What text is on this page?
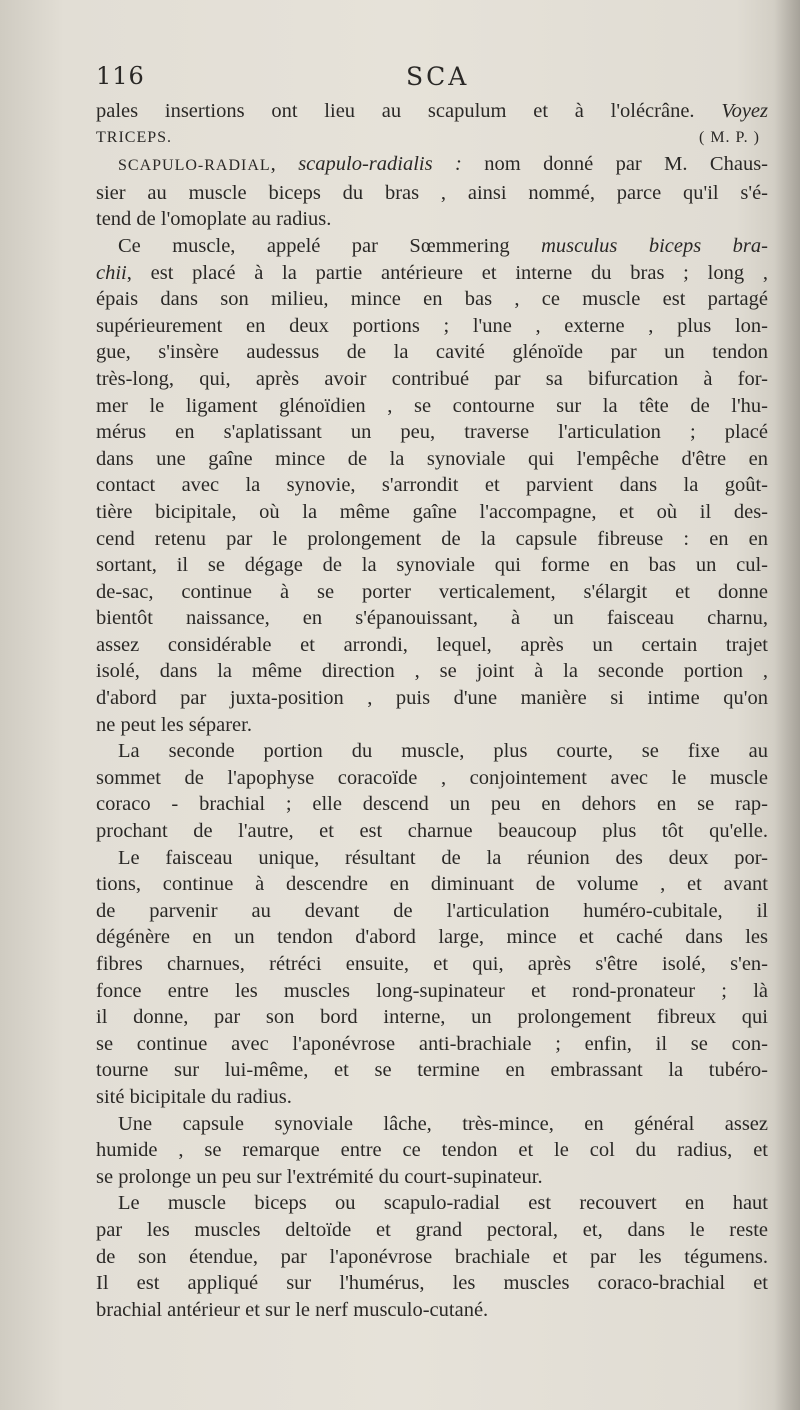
116	SCA
pales insertions ont lieu au scapulum et à l'olécrâne. Voyez
TRICEPS.	( M. P. )
SCAPULO-RADIAL, scapulo-radialis : nom donné par M. Chaus-
sier au muscle biceps du bras , ainsi nommé, parce qu'il s'é-
tend de l'omoplate au radius.
Ce muscle, appelé par Sœmmering musculus biceps bra-
chii, est placé à la partie antérieure et interne du bras ; long ,
épais dans son milieu, mince en bas , ce muscle est partagé
supérieurement en deux portions ; l'une , externe , plus lon-
gue, s'insère audessus de la cavité glénoïde par un tendon
très-long, qui, après avoir contribué par sa bifurcation à for-
mer le ligament glénoïdien , se contourne sur la tête de l'hu-
mérus en s'aplatissant un peu, traverse l'articulation ; placé
dans une gaîne mince de la synoviale qui l'empêche d'être en
contact avec la synovie, s'arrondit et parvient dans la goût-
tière bicipitale, où la même gaîne l'accompagne, et où il des-
cend retenu par le prolongement de la capsule fibreuse : en en
sortant, il se dégage de la synoviale qui forme en bas un cul-
de-sac, continue à se porter verticalement, s'élargit et donne
bientôt naissance, en s'épanouissant, à un faisceau charnu,
assez considérable et arrondi, lequel, après un certain trajet
isolé, dans la même direction , se joint à la seconde portion ,
d'abord par juxta-position , puis d'une manière si intime qu'on
ne peut les séparer.
La seconde portion du muscle, plus courte, se fixe au
sommet de l'apophyse coracoïde , conjointement avec le muscle
coraco - brachial ; elle descend un peu en dehors en se rap-
prochant de l'autre, et est charnue beaucoup plus tôt qu'elle.
Le faisceau unique, résultant de la réunion des deux por-
tions, continue à descendre en diminuant de volume , et avant
de parvenir au devant de l'articulation huméro-cubitale, il
dégénère en un tendon d'abord large, mince et caché dans les
fibres charnues, rétréci ensuite, et qui, après s'être isolé, s'en-
fonce entre les muscles long-supinateur et rond-pronateur ; là
il donne, par son bord interne, un prolongement fibreux qui
se continue avec l'aponévrose anti-brachiale ; enfin, il se con-
tourne sur lui-même, et se termine en embrassant la tubéro-
sité bicipitale du radius.
Une capsule synoviale lâche, très-mince, en général assez
humide , se remarque entre ce tendon et le col du radius, et
se prolonge un peu sur l'extrémité du court-supinateur.
Le muscle biceps ou scapulo-radial est recouvert en haut
par les muscles deltoïde et grand pectoral, et, dans le reste
de son étendue, par l'aponévrose brachiale et par les tégumens.
Il est appliqué sur l'humérus, les muscles coraco-brachial et
brachial antérieur et sur le nerf musculo-cutané.
